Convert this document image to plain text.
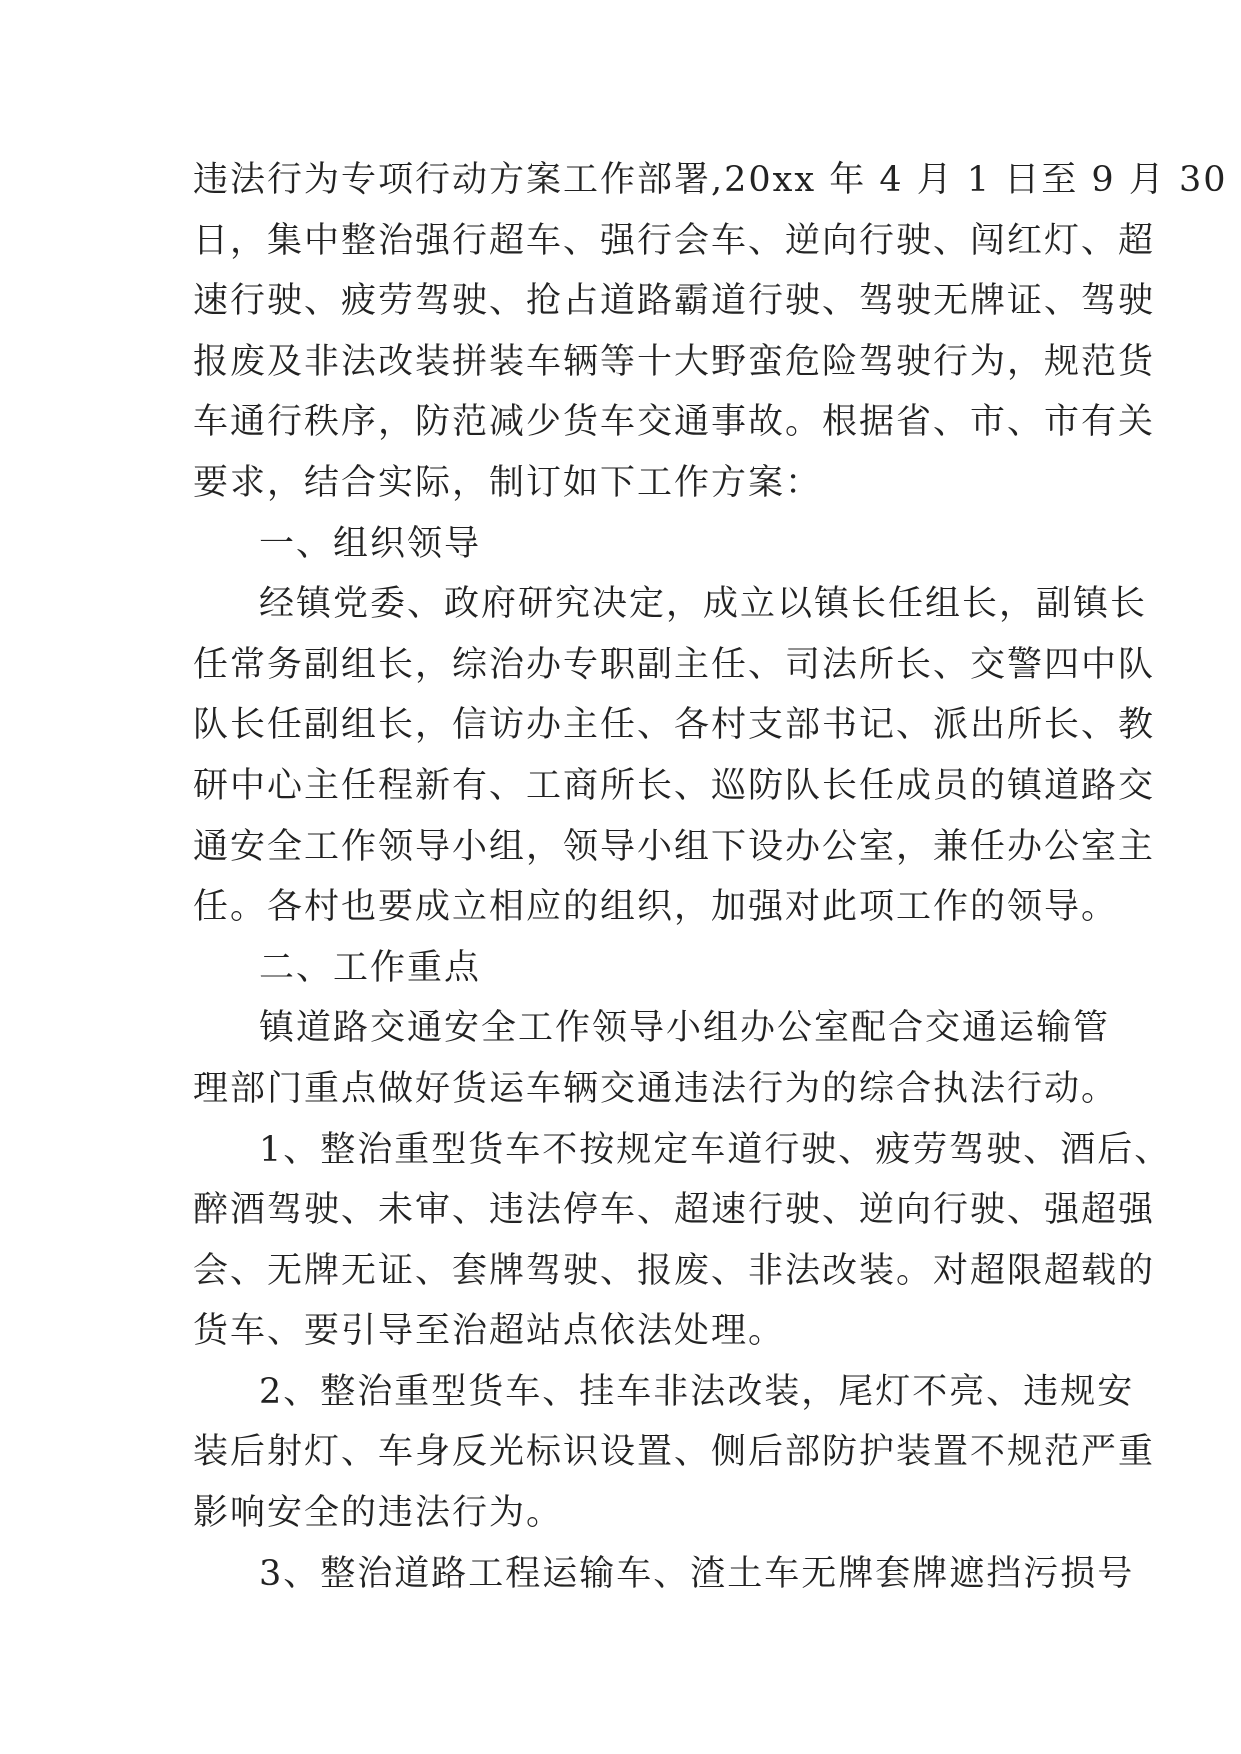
违法行为专项行动方案工作部署,20xx 年 4 月 1 日至 9 月 30
日，集中整治强行超车、强行会车、逆向行驶、闯红灯、超
速行驶、疲劳驾驶、抢占道路霸道行驶、驾驶无牌证、驾驶
报废及非法改装拼装车辆等十大野蛮危险驾驶行为，规范货
车通行秩序，防范减少货车交通事故。根据省、市、市有关
要求，结合实际，制订如下工作方案：
一、组织领导
经镇党委、政府研究决定，成立以镇长任组长，副镇长
任常务副组长，综治办专职副主任、司法所长、交警四中队
队长任副组长，信访办主任、各村支部书记、派出所长、教
研中心主任程新有、工商所长、巡防队长任成员的镇道路交
通安全工作领导小组，领导小组下设办公室，兼任办公室主
任。各村也要成立相应的组织，加强对此项工作的领导。
二、工作重点
镇道路交通安全工作领导小组办公室配合交通运输管
理部门重点做好货运车辆交通违法行为的综合执法行动。
1、整治重型货车不按规定车道行驶、疲劳驾驶、酒后、
醉酒驾驶、未审、违法停车、超速行驶、逆向行驶、强超强
会、无牌无证、套牌驾驶、报废、非法改装。对超限超载的
货车、要引导至治超站点依法处理。
2、整治重型货车、挂车非法改装，尾灯不亮、违规安
装后射灯、车身反光标识设置、侧后部防护装置不规范严重
影响安全的违法行为。
3、整治道路工程运输车、渣土车无牌套牌遮挡污损号
